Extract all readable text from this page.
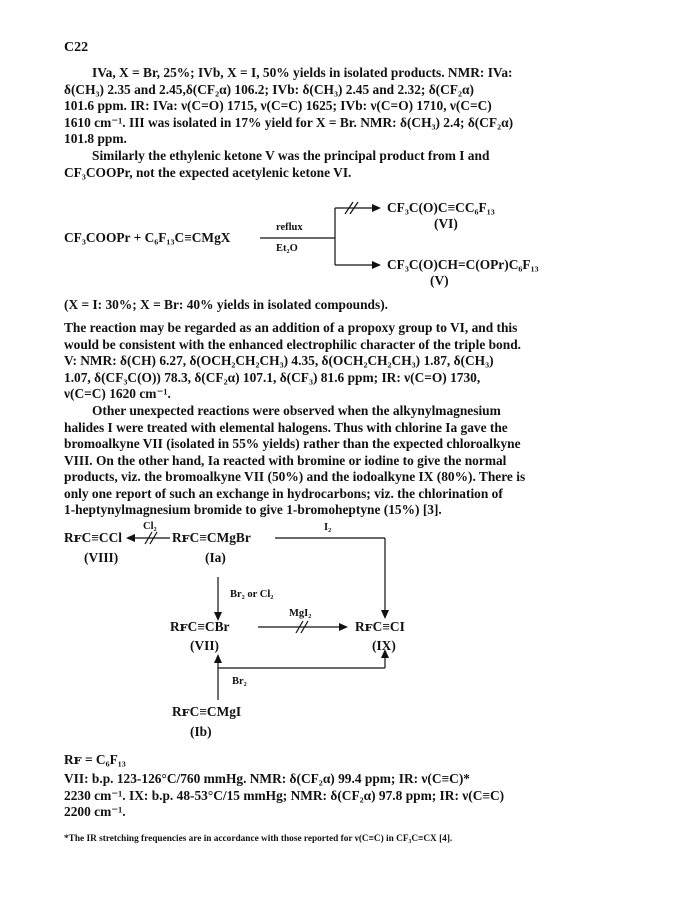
C22
IVa, X = Br, 25%; IVb, X = I, 50% yields in isolated products. NMR: IVa:
δ(CH₃) 2.35 and 2.45,δ(CF₂α) 106.2; IVb: δ(CH₃) 2.45 and 2.32; δ(CF₂α)
101.6 ppm. IR: IVa: ν(C=O) 1715, ν(C=C) 1625; IVb: ν(C=O) 1710, ν(C=C)
1610 cm⁻¹. III was isolated in 17% yield for X = Br. NMR: δ(CH₃) 2.4; δ(CF₂α)
101.8 ppm.
Similarly the ethylenic ketone V was the principal product from I and
CF₃COOPr, not the expected acetylenic ketone VI.
CF₃COOPr + C₆F₁₃C≡CMgX
reflux
Et₂O
CF₃C(O)C≡CC₆F₁₃
(VI)
CF₃C(O)CH=C(OPr)C₆F₁₃
(V)
(X = I: 30%; X = Br: 40% yields in isolated compounds).
The reaction may be regarded as an addition of a propoxy group to VI, and this
would be consistent with the enhanced electrophilic character of the triple bond.
V: NMR: δ(CH) 6.27, δ(OCH₂CH₂CH₃) 4.35, δ(OCH₂CH₂CH₃) 1.87, δ(CH₃)
1.07, δ(CF₃C(O)) 78.3, δ(CF₂α) 107.1, δ(CF₃) 81.6 ppm; IR: ν(C=O) 1730,
ν(C=C) 1620 cm⁻¹.
Other unexpected reactions were observed when the alkynylmagnesium
halides I were treated with elemental halogens. Thus with chlorine Ia gave the
bromoalkyne VII (isolated in 55% yields) rather than the expected chloroalkyne
VIII. On the other hand, Ia reacted with bromine or iodine to give the normal
products, viz. the bromoalkyne VII (50%) and the iodoalkyne IX (80%). There is
only one report of such an exchange in hydrocarbons; viz. the chlorination of
1-heptynylmagnesium bromide to give 1-bromoheptyne (15%) [3].
RꜰC≡CCl
(VIII)
Cl₂
RꜰC≡CMgBr
(Ia)
I₂
Br₂ or Cl₂
RꜰC≡CBr
(VII)
MgI₂
RꜰC≡CI
(IX)
Br₂
RꜰC≡CMgI
(Ib)
Rꜰ = C₆F₁₃
VII: b.p. 123-126°C/760 mmHg. NMR: δ(CF₂α) 99.4 ppm; IR: ν(C≡C)*
2230 cm⁻¹. IX: b.p. 48-53°C/15 mmHg; NMR: δ(CF₂α) 97.8 ppm; IR: ν(C≡C)
2200 cm⁻¹.
*The IR stretching frequencies are in accordance with those reported for ν(C≡C) in CF₃C≡CX [4].
